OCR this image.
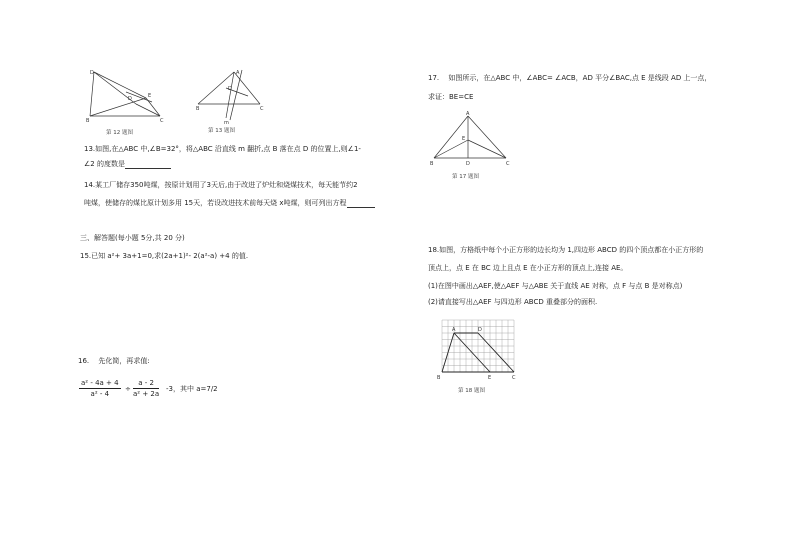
D
B	C
E
D
第 12 题图
B
A
C
m
D
第 13 题图
13.如图,在△ABC 中,∠B=32°，将△ABC 沿直线 m 翻折,点 B 落在点 D 的位置上,则∠1-
∠2 的度数是
14.某工厂储存350吨煤，按原计划用了3天后,由于改进了炉灶和烧煤技术，每天能节约2
吨煤，使储存的煤比原计划多用 15天，若设改进技术前每天烧 x吨煤，则可列出方程
三、解答题(每小题 5分,共 20 分)
15.已知 a²+ 3a+1=0,求(2a+1)²- 2(a²-a) +4 的值.
16.　 先化简，再求值:
$\frac{\text{a² - 4a + 4}}{\text{a² - 4}} \div \frac{a - 2}{\text{a² + 2a}} -3$，其中 a=7/2
17.　 如图所示，在△ABC 中，∠ABC= ∠ACB，AD 平分∠BAC,点 E 是线段 AD 上一点，
求证：BE=CE
A
B	C
D
E
第 17 题图
18.如图，方格纸中每个小正方形的边长均为 1,四边形 ABCD 的四个顶点都在小正方形的
顶点上，点 E 在 BC 边上且点 E 在小正方形的顶点上,连接 AE。
(1)在图中画出△AEF,使△AEF 与△ABE 关于直线 AE 对称，点 F 与点 B 是对称点)
(2)请直接写出△AEF 与四边形 ABCD 重叠部分的面积.
A	D
B	E	C
第 18 题图
